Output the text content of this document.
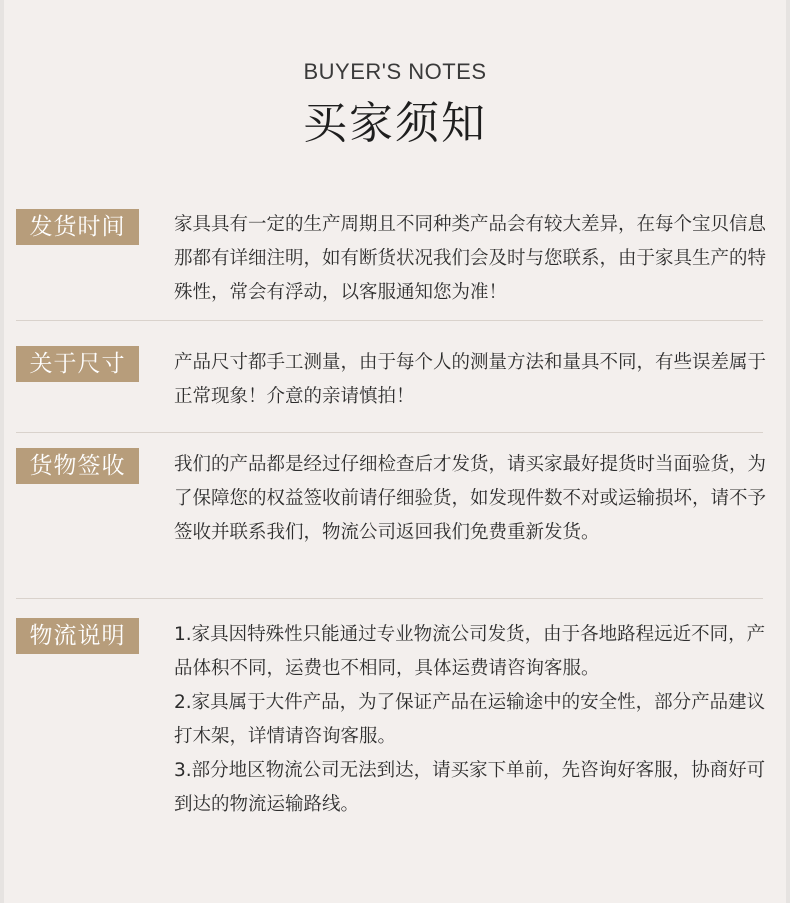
BUYER'S NOTES
买家须知
发货时间	家具具有一定的生产周期且不同种类产品会有较大差异，在每个宝贝信息那都有详细注明，如有断货状况我们会及时与您联系，由于家具生产的特殊性，常会有浮动，以客服通知您为准！

关于尺寸	产品尺寸都手工测量，由于每个人的测量方法和量具不同，有些误差属于正常现象！介意的亲请慎拍！

货物签收	我们的产品都是经过仔细检查后才发货，请买家最好提货时当面验货，为了保障您的权益签收前请仔细验货，如发现件数不对或运输损坏，请不予签收并联系我们，物流公司返回我们免费重新发货。

物流说明	1.家具因特殊性只能通过专业物流公司发货，由于各地路程远近不同，产品体积不同，运费也不相同，具体运费请咨询客服。

2.家具属于大件产品，为了保证产品在运输途中的安全性，部分产品建议打木架，详情请咨询客服。

3.部分地区物流公司无法到达，请买家下单前，先咨询好客服，协商好可到达的物流运输路线。
